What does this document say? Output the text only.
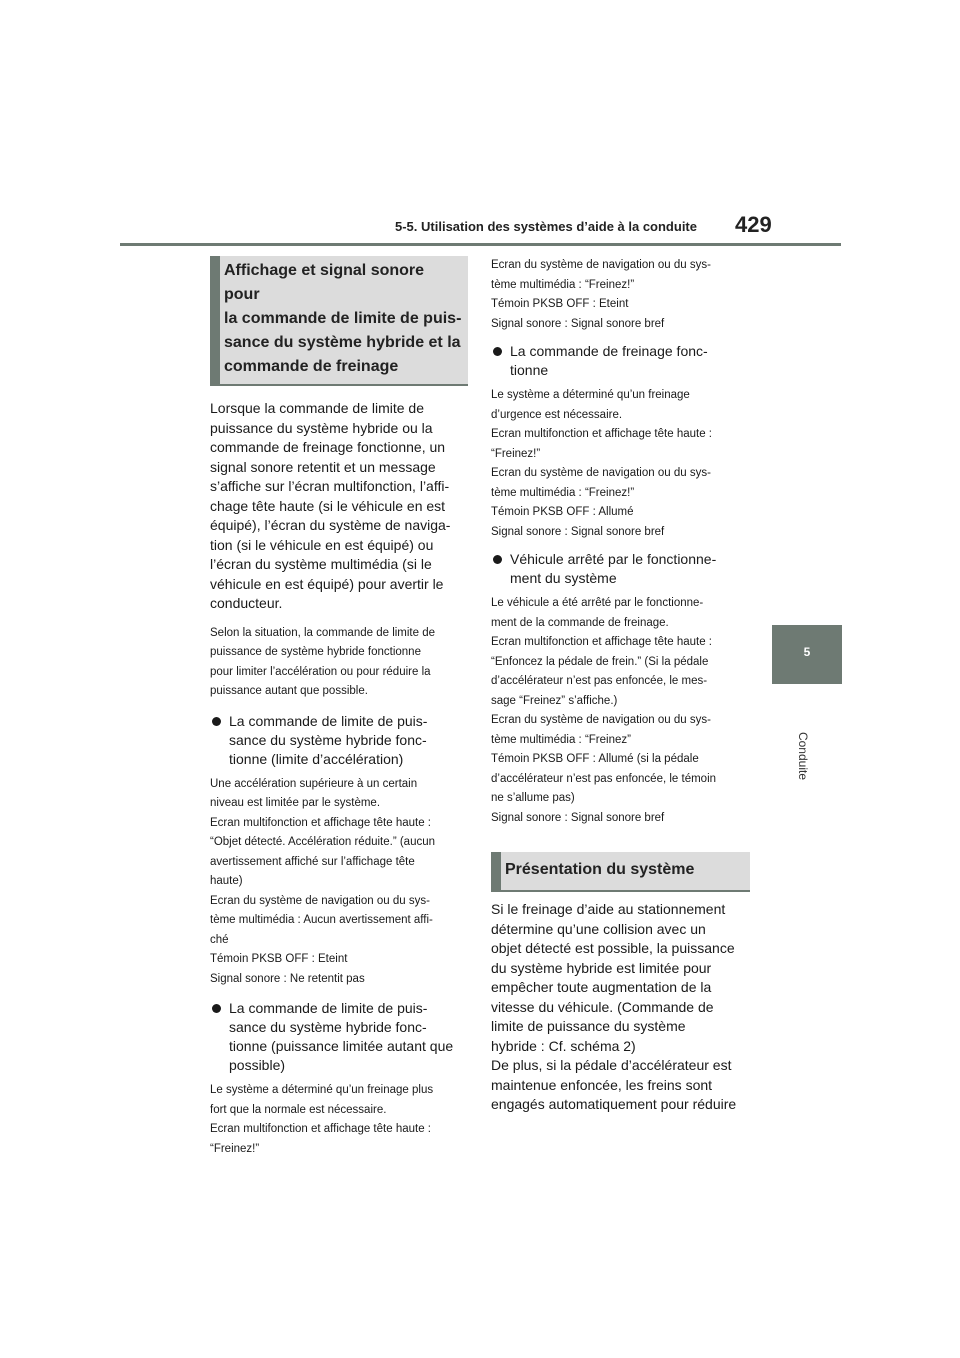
5-5. Utilisation des systèmes d’aide à la conduite 429
5
Conduite
Affichage et signal sonore pour
la commande de limite de puis-
sance du système hybride et la
commande de freinage
Lorsque la commande de limite de
puissance du système hybride ou la
commande de freinage fonctionne, un
signal sonore retentit et un message
s’affiche sur l’écran multifonction, l’affi-
chage tête haute (si le véhicule en est
équipé), l’écran du système de naviga-
tion (si le véhicule en est équipé) ou
l’écran du système multimédia (si le
véhicule en est équipé) pour avertir le
conducteur.
Selon la situation, la commande de limite de
puissance de système hybride fonctionne
pour limiter l’accélération ou pour réduire la
puissance autant que possible.
La commande de limite de puis-
sance du système hybride fonc-
tionne (limite d’accélération)
Une accélération supérieure à un certain
niveau est limitée par le système.
Ecran multifonction et affichage tête haute :
“Objet détecté. Accélération réduite.” (aucun
avertissement affiché sur l’affichage tête
haute)
Ecran du système de navigation ou du sys-
tème multimédia : Aucun avertissement affi-
ché
Témoin PKSB OFF : Eteint
Signal sonore : Ne retentit pas
La commande de limite de puis-
sance du système hybride fonc-
tionne (puissance limitée autant que
possible)
Le système a déterminé qu’un freinage plus
fort que la normale est nécessaire.
Ecran multifonction et affichage tête haute :
“Freinez!”
Ecran du système de navigation ou du sys-
tème multimédia : “Freinez!”
Témoin PKSB OFF : Eteint
Signal sonore : Signal sonore bref
La commande de freinage fonc-
tionne
Le système a déterminé qu’un freinage
d’urgence est nécessaire.
Ecran multifonction et affichage tête haute :
“Freinez!”
Ecran du système de navigation ou du sys-
tème multimédia : “Freinez!”
Témoin PKSB OFF : Allumé
Signal sonore : Signal sonore bref
Véhicule arrêté par le fonctionne-
ment du système
Le véhicule a été arrêté par le fonctionne-
ment de la commande de freinage.
Ecran multifonction et affichage tête haute :
“Enfoncez la pédale de frein.” (Si la pédale
d’accélérateur n’est pas enfoncée, le mes-
sage “Freinez” s’affiche.)
Ecran du système de navigation ou du sys-
tème multimédia : “Freinez”
Témoin PKSB OFF : Allumé (si la pédale
d’accélérateur n’est pas enfoncée, le témoin
ne s’allume pas)
Signal sonore : Signal sonore bref
Présentation du système
Si le freinage d’aide au stationnement
détermine qu’une collision avec un
objet détecté est possible, la puissance
du système hybride est limitée pour
empêcher toute augmentation de la
vitesse du véhicule. (Commande de
limite de puissance du système
hybride : Cf. schéma 2)
De plus, si la pédale d’accélérateur est
maintenue enfoncée, les freins sont
engagés automatiquement pour réduire
